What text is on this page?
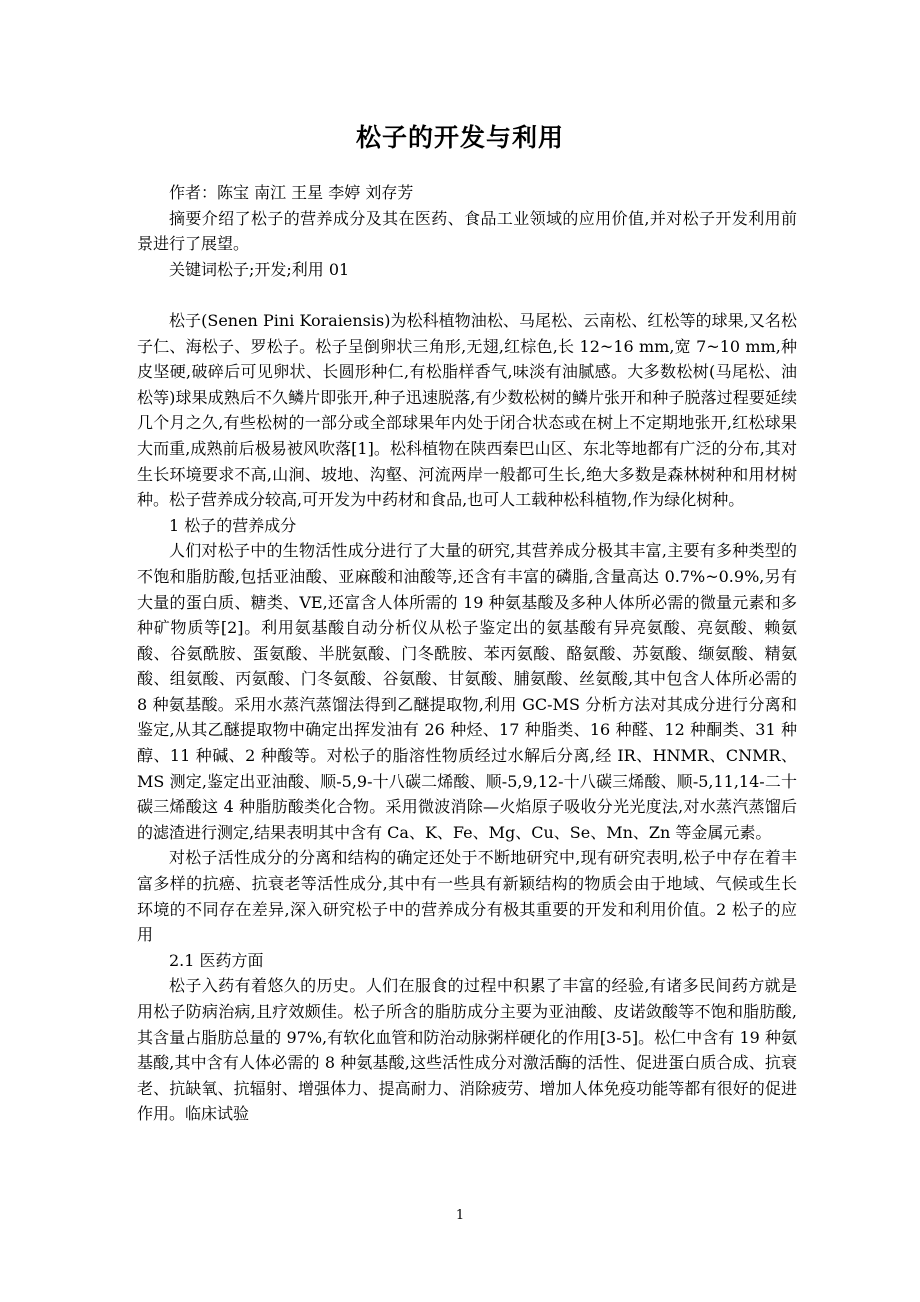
松子的开发与利用

作者：陈宝 南江 王星 李婷 刘存芳

摘要介绍了松子的营养成分及其在医药、食品工业领域的应用价值,并对松子开发利用前景进行了展望。

关键词松子;开发;利用 01

松子(Senen Pini Koraiensis)为松科植物油松、马尾松、云南松、红松等的球果,又名松子仁、海松子、罗松子。松子呈倒卵状三角形,无翅,红棕色,长 12~16 mm,宽 7~10 mm,种皮坚硬,破碎后可见卵状、长圆形种仁,有松脂样香气,味淡有油腻感。大多数松树(马尾松、油松等)球果成熟后不久鳞片即张开,种子迅速脱落,有少数松树的鳞片张开和种子脱落过程要延续几个月之久,有些松树的一部分或全部球果年内处于闭合状态或在树上不定期地张开,红松球果大而重,成熟前后极易被风吹落[1]。松科植物在陕西秦巴山区、东北等地都有广泛的分布,其对生长环境要求不高,山涧、坡地、沟壑、河流两岸一般都可生长,绝大多数是森林树种和用材树种。松子营养成分较高,可开发为中药材和食品,也可人工载种松科植物,作为绿化树种。

1 松子的营养成分

人们对松子中的生物活性成分进行了大量的研究,其营养成分极其丰富,主要有多种类型的不饱和脂肪酸,包括亚油酸、亚麻酸和油酸等,还含有丰富的磷脂,含量高达 0.7%~0.9%,另有大量的蛋白质、糖类、VE,还富含人体所需的 19 种氨基酸及多种人体所必需的微量元素和多种矿物质等[2]。利用氨基酸自动分析仪从松子鉴定出的氨基酸有异亮氨酸、亮氨酸、赖氨酸、谷氨酰胺、蛋氨酸、半胱氨酸、门冬酰胺、苯丙氨酸、酪氨酸、苏氨酸、缬氨酸、精氨酸、组氨酸、丙氨酸、门冬氨酸、谷氨酸、甘氨酸、脯氨酸、丝氨酸,其中包含人体所必需的 8 种氨基酸。采用水蒸汽蒸馏法得到乙醚提取物,利用 GC-MS 分析方法对其成分进行分离和鉴定,从其乙醚提取物中确定出挥发油有 26 种烃、17 种脂类、16 种醛、12 种酮类、31 种醇、11 种碱、2 种酸等。对松子的脂溶性物质经过水解后分离,经 IR、HNMR、CNMR、MS 测定,鉴定出亚油酸、顺-5,9-十八碳二烯酸、顺-5,9,12-十八碳三烯酸、顺-5,11,14-二十碳三烯酸这 4 种脂肪酸类化合物。采用微波消除—火焰原子吸收分光光度法,对水蒸汽蒸馏后的滤渣进行测定,结果表明其中含有 Ca、K、Fe、Mg、Cu、Se、Mn、Zn 等金属元素。

对松子活性成分的分离和结构的确定还处于不断地研究中,现有研究表明,松子中存在着丰富多样的抗癌、抗衰老等活性成分,其中有一些具有新颖结构的物质会由于地域、气候或生长环境的不同存在差异,深入研究松子中的营养成分有极其重要的开发和利用价值。2 松子的应用

2.1 医药方面

松子入药有着悠久的历史。人们在服食的过程中积累了丰富的经验,有诸多民间药方就是用松子防病治病,且疗效颇佳。松子所含的脂肪成分主要为亚油酸、皮诺敛酸等不饱和脂肪酸,其含量占脂肪总量的 97%,有软化血管和防治动脉粥样硬化的作用[3-5]。松仁中含有 19 种氨基酸,其中含有人体必需的 8 种氨基酸,这些活性成分对激活酶的活性、促进蛋白质合成、抗衰老、抗缺氧、抗辐射、增强体力、提高耐力、消除疲劳、增加人体免疫功能等都有很好的促进作用。临床试验

1
